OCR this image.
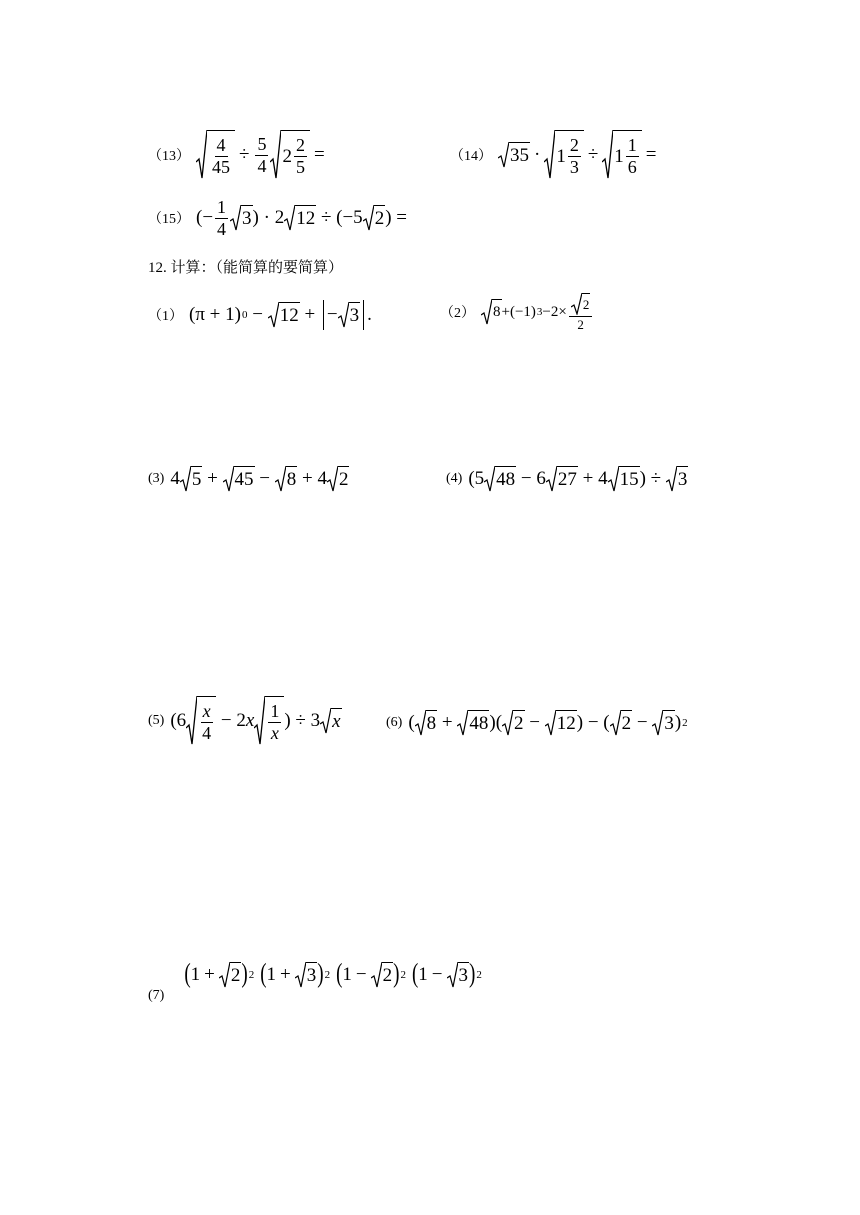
$(13) \frac{4}{45} \div \frac{5}{4} 2 \frac{2}{5}$ =	（14） $35 \cdot 1 \frac{2}{3} \div 1 \frac{1}{6}$ =
（15） (− $\frac{1}{4} 3$ ) · 2 12 ÷ (−5 2 ) =
12. 计算：（能简算的要简算）
（1） (π + 1) 0 − 12 + − 3 .	（2） 8 +(−1) $3 -2\times \frac{2}{2}$
(3) 4 5 + 45 − 8 + 4 2	(4) (5 48 − 6 27 + 4 15 ) ÷ 3
(5) ($6 \frac{x}{4} - 2$ x $\frac{1}{x}$ ) ÷ 3 x	(6) ( 8 + 48 )( 2 − 12 ) − ( 2 − 3 ) 2
(7)
( 1 + 2 ) 2 ( 1 + 3 ) 2 ( 1 − 2 ) 2 ( 1 − 3 ) 2
